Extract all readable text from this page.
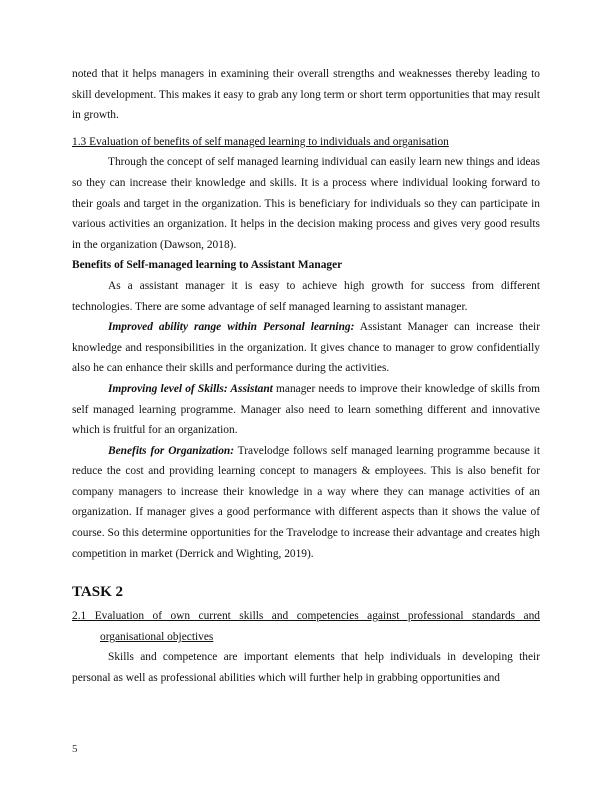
noted that it helps managers in examining their overall strengths and weaknesses thereby leading to skill development. This makes it easy to grab any long term or short term opportunities that may result in growth.

1.3 Evaluation of benefits of self managed learning to individuals and organisation

Through the concept of self managed learning individual can easily learn new things and ideas so they can increase their knowledge and skills. It is a process where individual looking forward to their goals and target in the organization. This is beneficiary for individuals so they can participate in various activities an organization. It helps in the decision making process and gives very good results in the organization (Dawson, 2018).

Benefits of Self-managed learning to Assistant Manager

As a assistant manager it is easy to achieve high growth for success from different technologies. There are some advantage of self managed learning to assistant manager.

Improved ability range within Personal learning: Assistant Manager can increase their knowledge and responsibilities in the organization. It gives chance to manager to grow confidentially also he can enhance their skills and performance during the activities.

Improving level of Skills: Assistant manager needs to improve their knowledge of skills from self managed learning programme. Manager also need to learn something different and innovative which is fruitful for an organization.

Benefits for Organization: Travelodge follows self managed learning programme because it reduce the cost and providing learning concept to managers & employees. This is also benefit for company managers to increase their knowledge in a way where they can manage activities of an organization. If manager gives a good performance with different aspects than it shows the value of course. So this determine opportunities for the Travelodge to increase their advantage and creates high competition in market (Derrick and Wighting, 2019).

TASK 2

2.1 Evaluation of own current skills and competencies against professional standards and organisational objectives

Skills and competence are important elements that help individuals in developing their personal as well as professional abilities which will further help in grabbing opportunities and

5
